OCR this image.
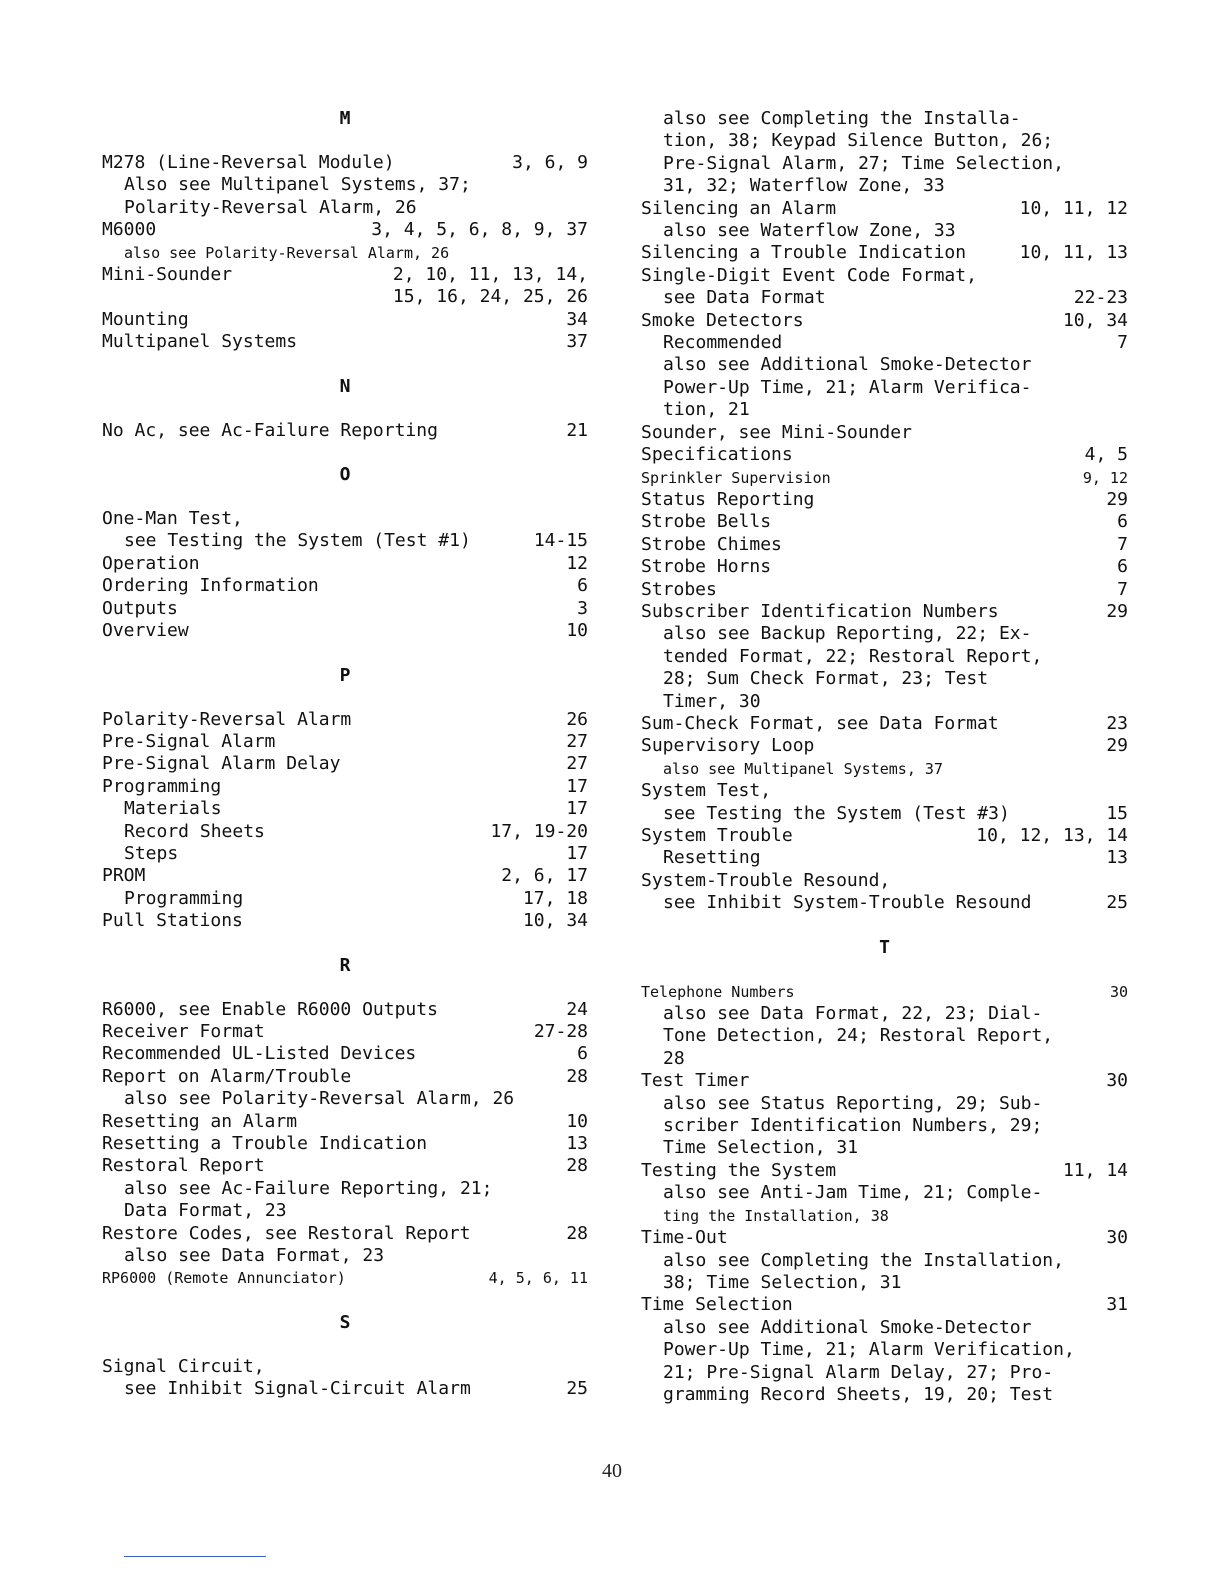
M
M278 (Line-Reversal Module)	3, 6, 9
Also see Multipanel Systems, 37;
Polarity-Reversal Alarm, 26
M6000	3, 4, 5, 6, 8, 9, 37
also see Polarity-Reversal Alarm, 26
Mini-Sounder	2, 10, 11, 13, 14,
15, 16, 24, 25, 26
Mounting	34
Multipanel Systems	37
N
No Ac, see Ac-Failure Reporting	21
O
One-Man Test,
see Testing the System (Test #1)	14-15
Operation	12
Ordering Information	6
Outputs	3
Overview	10
P
Polarity-Reversal Alarm	26
Pre-Signal Alarm	27
Pre-Signal Alarm Delay	27
Programming	17
Materials	17
Record Sheets	17, 19-20
Steps	17
PROM	2, 6, 17
Programming	17, 18
Pull Stations	10, 34
R
R6000, see Enable R6000 Outputs	24
Receiver Format	27-28
Recommended UL-Listed Devices	6
Report on Alarm/Trouble	28
also see Polarity-Reversal Alarm, 26
Resetting an Alarm	10
Resetting a Trouble Indication	13
Restoral Report	28
also see Ac-Failure Reporting, 21;
Data Format, 23
Restore Codes, see Restoral Report	28
also see Data Format, 23
RP6000 (Remote Annunciator)	4, 5, 6, 11
S
Signal Circuit,
see Inhibit Signal-Circuit Alarm	25
also see Completing the Installa-
tion, 38; Keypad Silence Button, 26;
Pre-Signal Alarm, 27; Time Selection,
31, 32; Waterflow Zone, 33
Silencing an Alarm	10, 11, 12
also see Waterflow Zone, 33
Silencing a Trouble Indication	10, 11, 13
Single-Digit Event Code Format,
see Data Format	22-23
Smoke Detectors	10, 34
Recommended	7
also see Additional Smoke-Detector
Power-Up Time, 21; Alarm Verifica-
tion, 21
Sounder, see Mini-Sounder
Specifications	4, 5
Sprinkler Supervision	9, 12
Status Reporting	29
Strobe Bells	6
Strobe Chimes	7
Strobe Horns	6
Strobes	7
Subscriber Identification Numbers	29
also see Backup Reporting, 22; Ex-
tended Format, 22; Restoral Report,
28; Sum Check Format, 23; Test
Timer, 30
Sum-Check Format, see Data Format	23
Supervisory Loop	29
also see Multipanel Systems, 37
System Test,
see Testing the System (Test #3)	15
System Trouble	10, 12, 13, 14
Resetting	13
System-Trouble Resound,
see Inhibit System-Trouble Resound	25
T
Telephone Numbers	30
also see Data Format, 22, 23; Dial-
Tone Detection, 24; Restoral Report,
28
Test Timer	30
also see Status Reporting, 29; Sub-
scriber Identification Numbers, 29;
Time Selection, 31
Testing the System	11, 14
also see Anti-Jam Time, 21; Comple-
ting the Installation, 38
Time-Out	30
also see Completing the Installation,
38; Time Selection, 31
Time Selection	31
also see Additional Smoke-Detector
Power-Up Time, 21; Alarm Verification,
21; Pre-Signal Alarm Delay, 27; Pro-
gramming Record Sheets, 19, 20; Test
40
